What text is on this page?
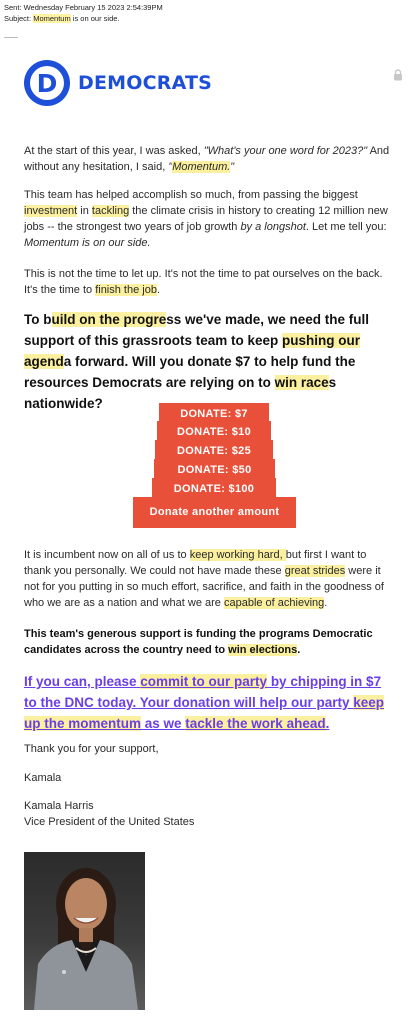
Sent: Wednesday February 15 2023 2:54:39PM
Subject: Momentum is on our side.
D DEMOCRATS

At the start of this year, I was asked, "What's your one word for 2023?" And without any hesitation, I said, "Momentum."

This team has helped accomplish so much, from passing the biggest investment in tackling the climate crisis in history to creating 12 million new jobs -- the strongest two years of job growth by a longshot. Let me tell you: Momentum is on our side.

This is not the time to let up. It's not the time to pat ourselves on the back. It's the time to finish the job.

To build on the progress we've made, we need the full support of this grassroots team to keep pushing our agenda forward. Will you donate $7 to help fund the resources Democrats are relying on to win races nationwide?

DONATE: $7
DONATE: $10
DONATE: $25
DONATE: $50
DONATE: $100
Donate another amount

It is incumbent now on all of us to keep working hard, but first I want to thank you personally. We could not have made these great strides were it not for you putting in so much effort, sacrifice, and faith in the goodness of who we are as a nation and what we are capable of achieving.

This team's generous support is funding the programs Democratic candidates across the country need to win elections.

If you can, please commit to our party by chipping in $7 to the DNC today. Your donation will help our party keep up the momentum as we tackle the work ahead.

Thank you for your support,

Kamala

Kamala Harris

Vice President of the United States
